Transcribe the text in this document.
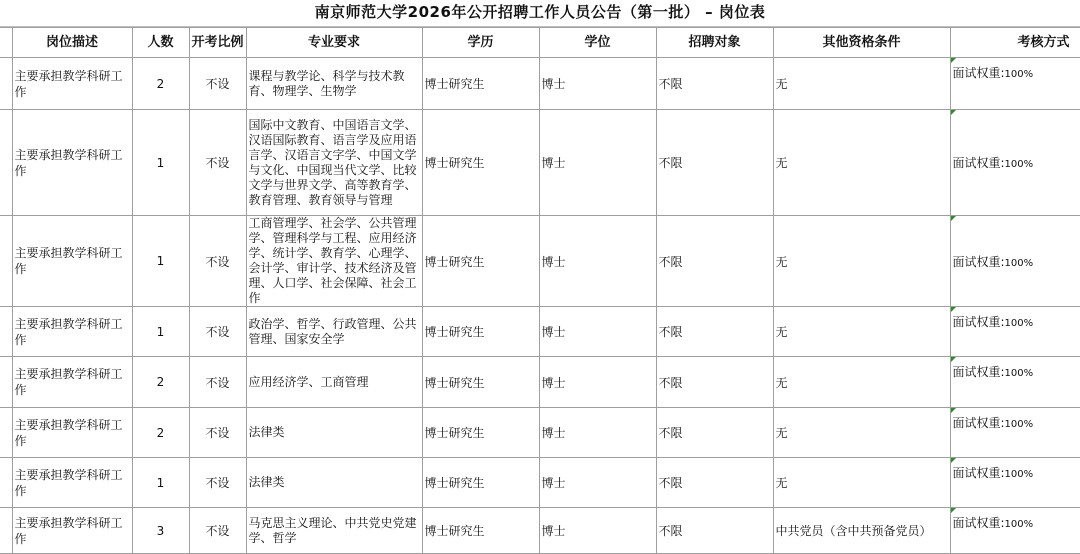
南京师范大学2026年公开招聘工作人员公告（第一批） – 岗位表
	岗位描述	人数	开考比例	专业要求	学历	学位	招聘对象	其他资格条件	考核方式
	主要承担教学科研工作	2	不设	课程与教学论、科学与技术教育、物理学、生物学	博士研究生	博士	不限	无	面试权重:100%
	主要承担教学科研工作	1	不设	国际中文教育、中国语言文学、汉语国际教育、语言学及应用语言学、汉语言文字学、中国文学与文化、中国现当代文学、比较文学与世界文学、高等教育学、教育管理、教育领导与管理	博士研究生	博士	不限	无	面试权重:100%
	主要承担教学科研工作	1	不设	工商管理学、社会学、公共管理学、管理科学与工程、应用经济学、统计学、教育学、心理学、会计学、审计学、技术经济及管理、人口学、社会保障、社会工作	博士研究生	博士	不限	无	面试权重:100%
	主要承担教学科研工作	1	不设	政治学、哲学、行政管理、公共管理、国家安全学	博士研究生	博士	不限	无	面试权重:100%
	主要承担教学科研工作	2	不设	应用经济学、工商管理	博士研究生	博士	不限	无	面试权重:100%
	主要承担教学科研工作	2	不设	法律类	博士研究生	博士	不限	无	面试权重:100%
	主要承担教学科研工作	1	不设	法律类	博士研究生	博士	不限	无	面试权重:100%
	主要承担教学科研工作	3	不设	马克思主义理论、中共党史党建学、哲学	博士研究生	博士	不限	中共党员（含中共预备党员）	面试权重:100%
